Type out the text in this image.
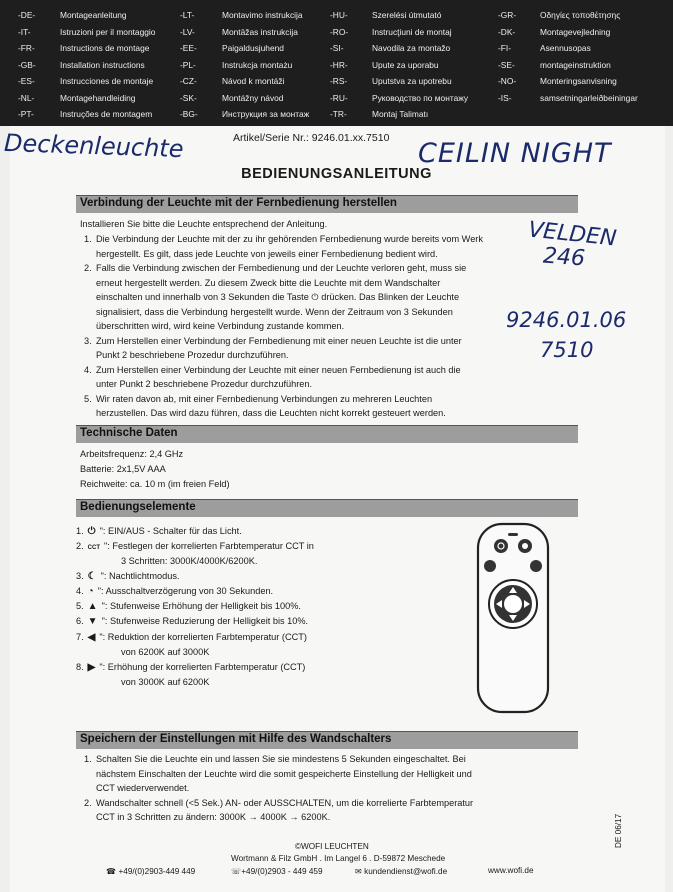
-DE-	Montageanleitung	-LT-	Montavimo instrukcija	-HU-	Szerelési útmutató	-GR-	Οδηγίες τοποθέτησης
-IT-	Istruzioni per il montaggio	-LV-	Montāžas instrukcija	-RO-	Instrucţiuni de montaj	-DK-	Montagevejledning
-FR-	Instructions de montage	-EE-	Paigaldusjuhend	-SI-	Navodila za montažo	-FI-	Asennusopas
-GB-	Installation instructions	-PL-	Instrukcja montażu	-HR-	Upute za uporabu	-SE-	montageinstruktion
-ES-	Instrucciones de montaje	-CZ-	Návod k montáži	-RS-	Uputstva za upotrebu	-NO-	Monteringsanvisning
-NL-	Montagehandleiding	-SK-	Montážny návod	-RU-	Руководство по монтажу	-IS-	samsetningarleiðbeiningar
-PT-	Instruções de montagem	-BG-	Инструкция за монтаж -TR-	Montaj Talimatı
Deckenleuchte	CEILIN NIGHT
VELDEN
246
9246.01.06
7510
Artikel/Serie Nr.: 9246.01.xx.7510
BEDIENUNGSANLEITUNG
Verbindung der Leuchte mit der Fernbedienung herstellen
Installieren Sie bitte die Leuchte entsprechend der Anleitung.
1. Die Verbindung der Leuchte mit der zu ihr gehörenden Fernbedienung wurde bereits vom Werk
hergestellt. Es gilt, dass jede Leuchte von jeweils einer Fernbedienung bedient wird.
2. Falls die Verbindung zwischen der Fernbedienung und der Leuchte verloren geht, muss sie
erneut hergestellt werden. Zu diesem Zweck bitte die Leuchte mit dem Wandschalter
einschalten und innerhalb von 3 Sekunden die Taste ⏻ drücken. Das Blinken der Leuchte
signalisiert, dass die Verbindung hergestellt wurde. Wenn der Zeitraum von 3 Sekunden
überschritten wird, wird keine Verbindung zustande kommen.
3. Zum Herstellen einer Verbindung der Fernbedienung mit einer neuen Leuchte ist die unter
Punkt 2 beschriebene Prozedur durchzuführen.
4. Zum Herstellen einer Verbindung der Leuchte mit einer neuen Fernbedienung ist auch die
unter Punkt 2 beschriebene Prozedur durchzuführen.
5. Wir raten davon ab, mit einer Fernbedienung Verbindungen zu mehreren Leuchten
herzustellen. Das wird dazu führen, dass die Leuchten nicht korrekt gesteuert werden.
Technische Daten
Arbeitsfrequenz: 2,4 GHz
Batterie: 2x1,5V AAA
Reichweite: ca. 10 m (im freien Feld)
Bedienungselemente
1. ⏻ ": EIN/AUS - Schalter für das Licht.
2. CCT ": Festlegen der korrelierten Farbtemperatur CCT in
3 Schritten: 3000K/4000K/6200K.
3. ☾ ": Nachtlichtmodus.
4. ◔ ": Ausschaltverzögerung von 30 Sekunden.
5. ▲ ": Stufenweise Erhöhung der Helligkeit bis 100%.
6. ▼ ": Stufenweise Reduzierung der Helligkeit bis 10%.
7. ◀ ": Reduktion der korrelierten Farbtemperatur (CCT)
von 6200K auf 3000K
8. ▶ ": Erhöhung der korrelierten Farbtemperatur (CCT)
von 3000K auf 6200K
Speichern der Einstellungen mit Hilfe des Wandschalters
1. Schalten Sie die Leuchte ein und lassen Sie sie mindestens 5 Sekunden eingeschaltet. Bei
nächstem Einschalten der Leuchte wird die somit gespeicherte Einstellung der Helligkeit und
CCT wiederverwendet.
2. Wandschalter schnell (<5 Sek.) AN- oder AUSSCHALTEN, um die korrelierte Farbtemperatur
CCT in 3 Schritten zu ändern: 3000K → 4000K → 6200K.
©WOFI LEUCHTEN
Wortmann & Filz GmbH . Im Langel 6 . D-59872 Meschede
☎ +49/(0)2903-449 449	☏+49/(0)2903 - 449 459	✉ kundendienst@wofi.de	www.wofi.de
DE 06/17
